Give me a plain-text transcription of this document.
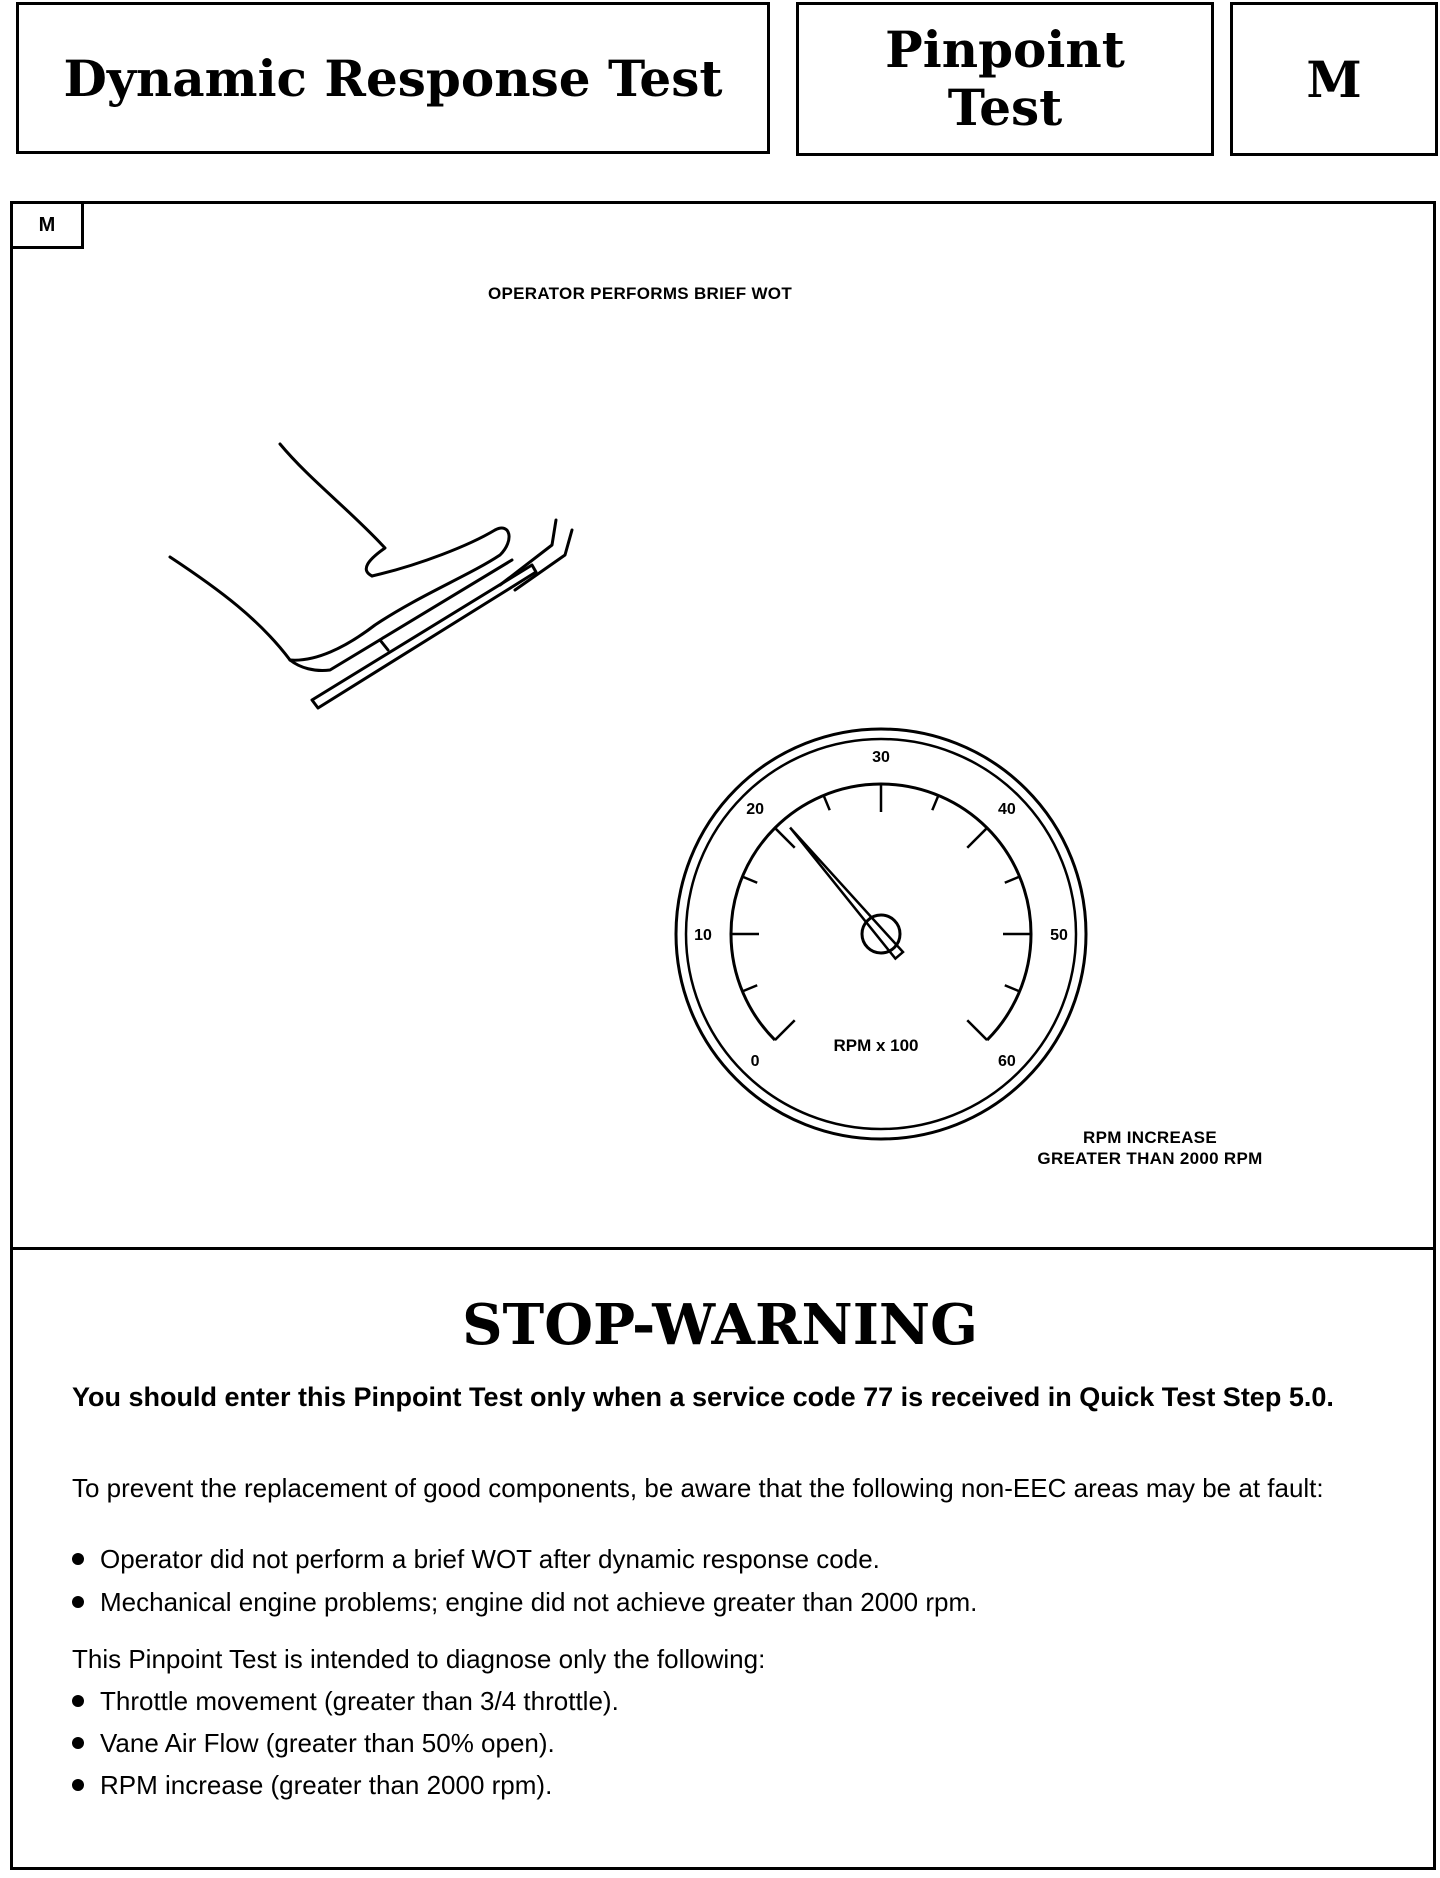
Dynamic Response Test	Pinpoint
Test	M
M
OPERATOR PERFORMS BRIEF WOT
0
10
20
30
40
50
60
RPM x 100
RPM INCREASE
GREATER THAN 2000 RPM
STOP-WARNING
You should enter this Pinpoint Test only when a service code 77 is received in Quick Test Step 5.0.
To prevent the replacement of good components, be aware that the following non-EEC areas may be at fault:
Operator did not perform a brief WOT after dynamic response code.
Mechanical engine problems; engine did not achieve greater than 2000 rpm.
This Pinpoint Test is intended to diagnose only the following:
Throttle movement (greater than 3/4 throttle).
Vane Air Flow (greater than 50% open).
RPM increase (greater than 2000 rpm).
